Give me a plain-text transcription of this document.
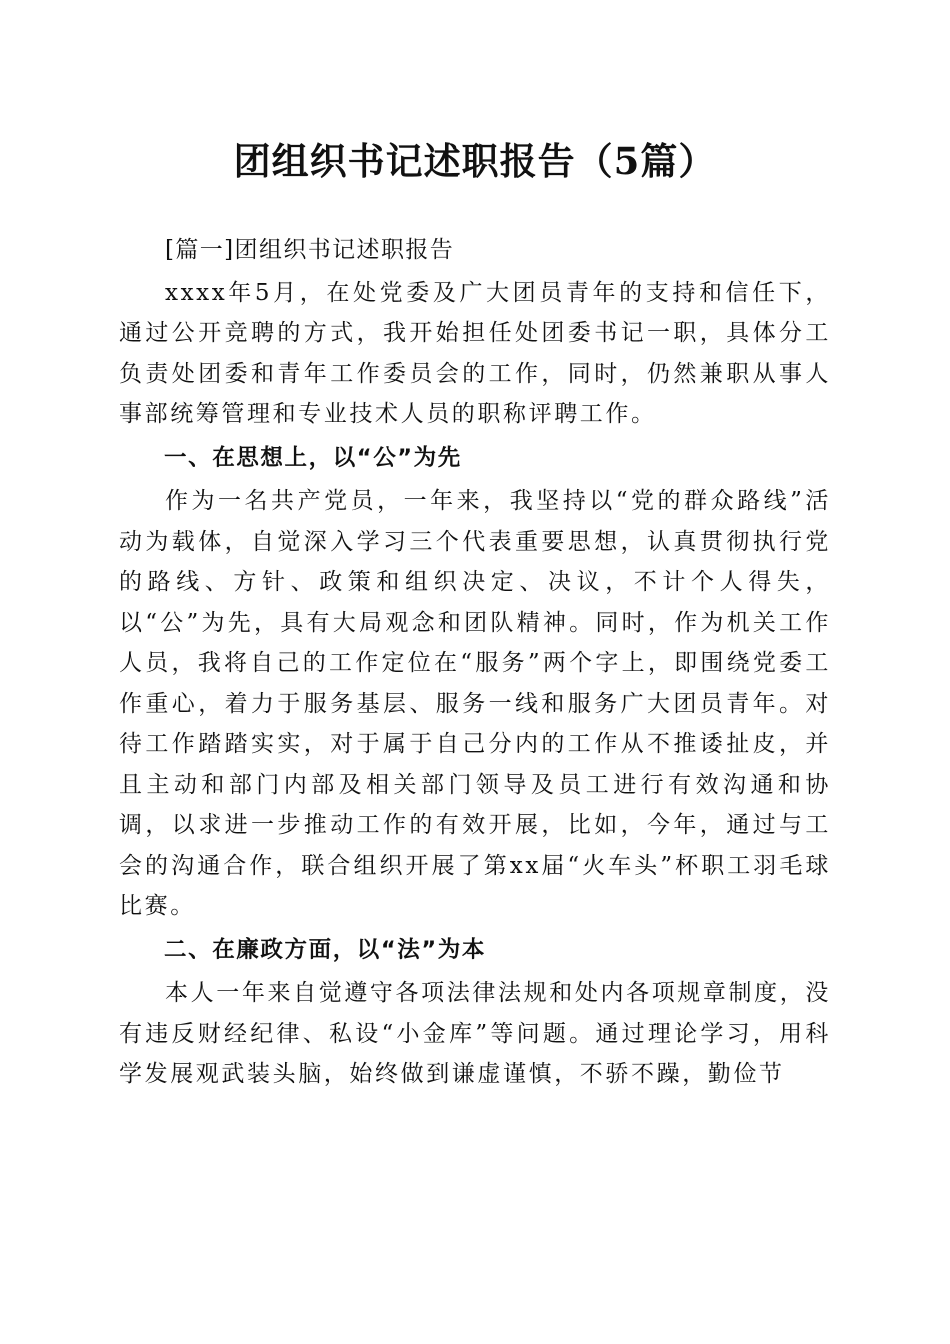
团组织书记述职报告（5篇）

[篇一]团组织书记述职报告

xxxx年5月，在处党委及广大团员青年的支持和信任下，通过公开竞聘的方式，我开始担任处团委书记一职，具体分工负责处团委和青年工作委员会的工作，同时，仍然兼职从事人事部统筹管理和专业技术人员的职称评聘工作。

一、在思想上，以“公”为先

作为一名共产党员，一年来，我坚持以“党的群众路线”活动为载体，自觉深入学习三个代表重要思想，认真贯彻执行党的路线、方针、政策和组织决定、决议，不计个人得失，以“公”为先，具有大局观念和团队精神。同时，作为机关工作人员，我将自己的工作定位在“服务”两个字上，即围绕党委工作重心，着力于服务基层、服务一线和服务广大团员青年。对待工作踏踏实实，对于属于自己分内的工作从不推诿扯皮，并且主动和部门内部及相关部门领导及员工进行有效沟通和协调，以求进一步推动工作的有效开展，比如，今年，通过与工会的沟通合作，联合组织开展了第xx届“火车头”杯职工羽毛球比赛。

二、在廉政方面，以“法”为本

本人一年来自觉遵守各项法律法规和处内各项规章制度，没有违反财经纪律、私设“小金库”等问题。通过理论学习，用科学发展观武装头脑，始终做到谦虚谨慎，不骄不躁，勤俭节
